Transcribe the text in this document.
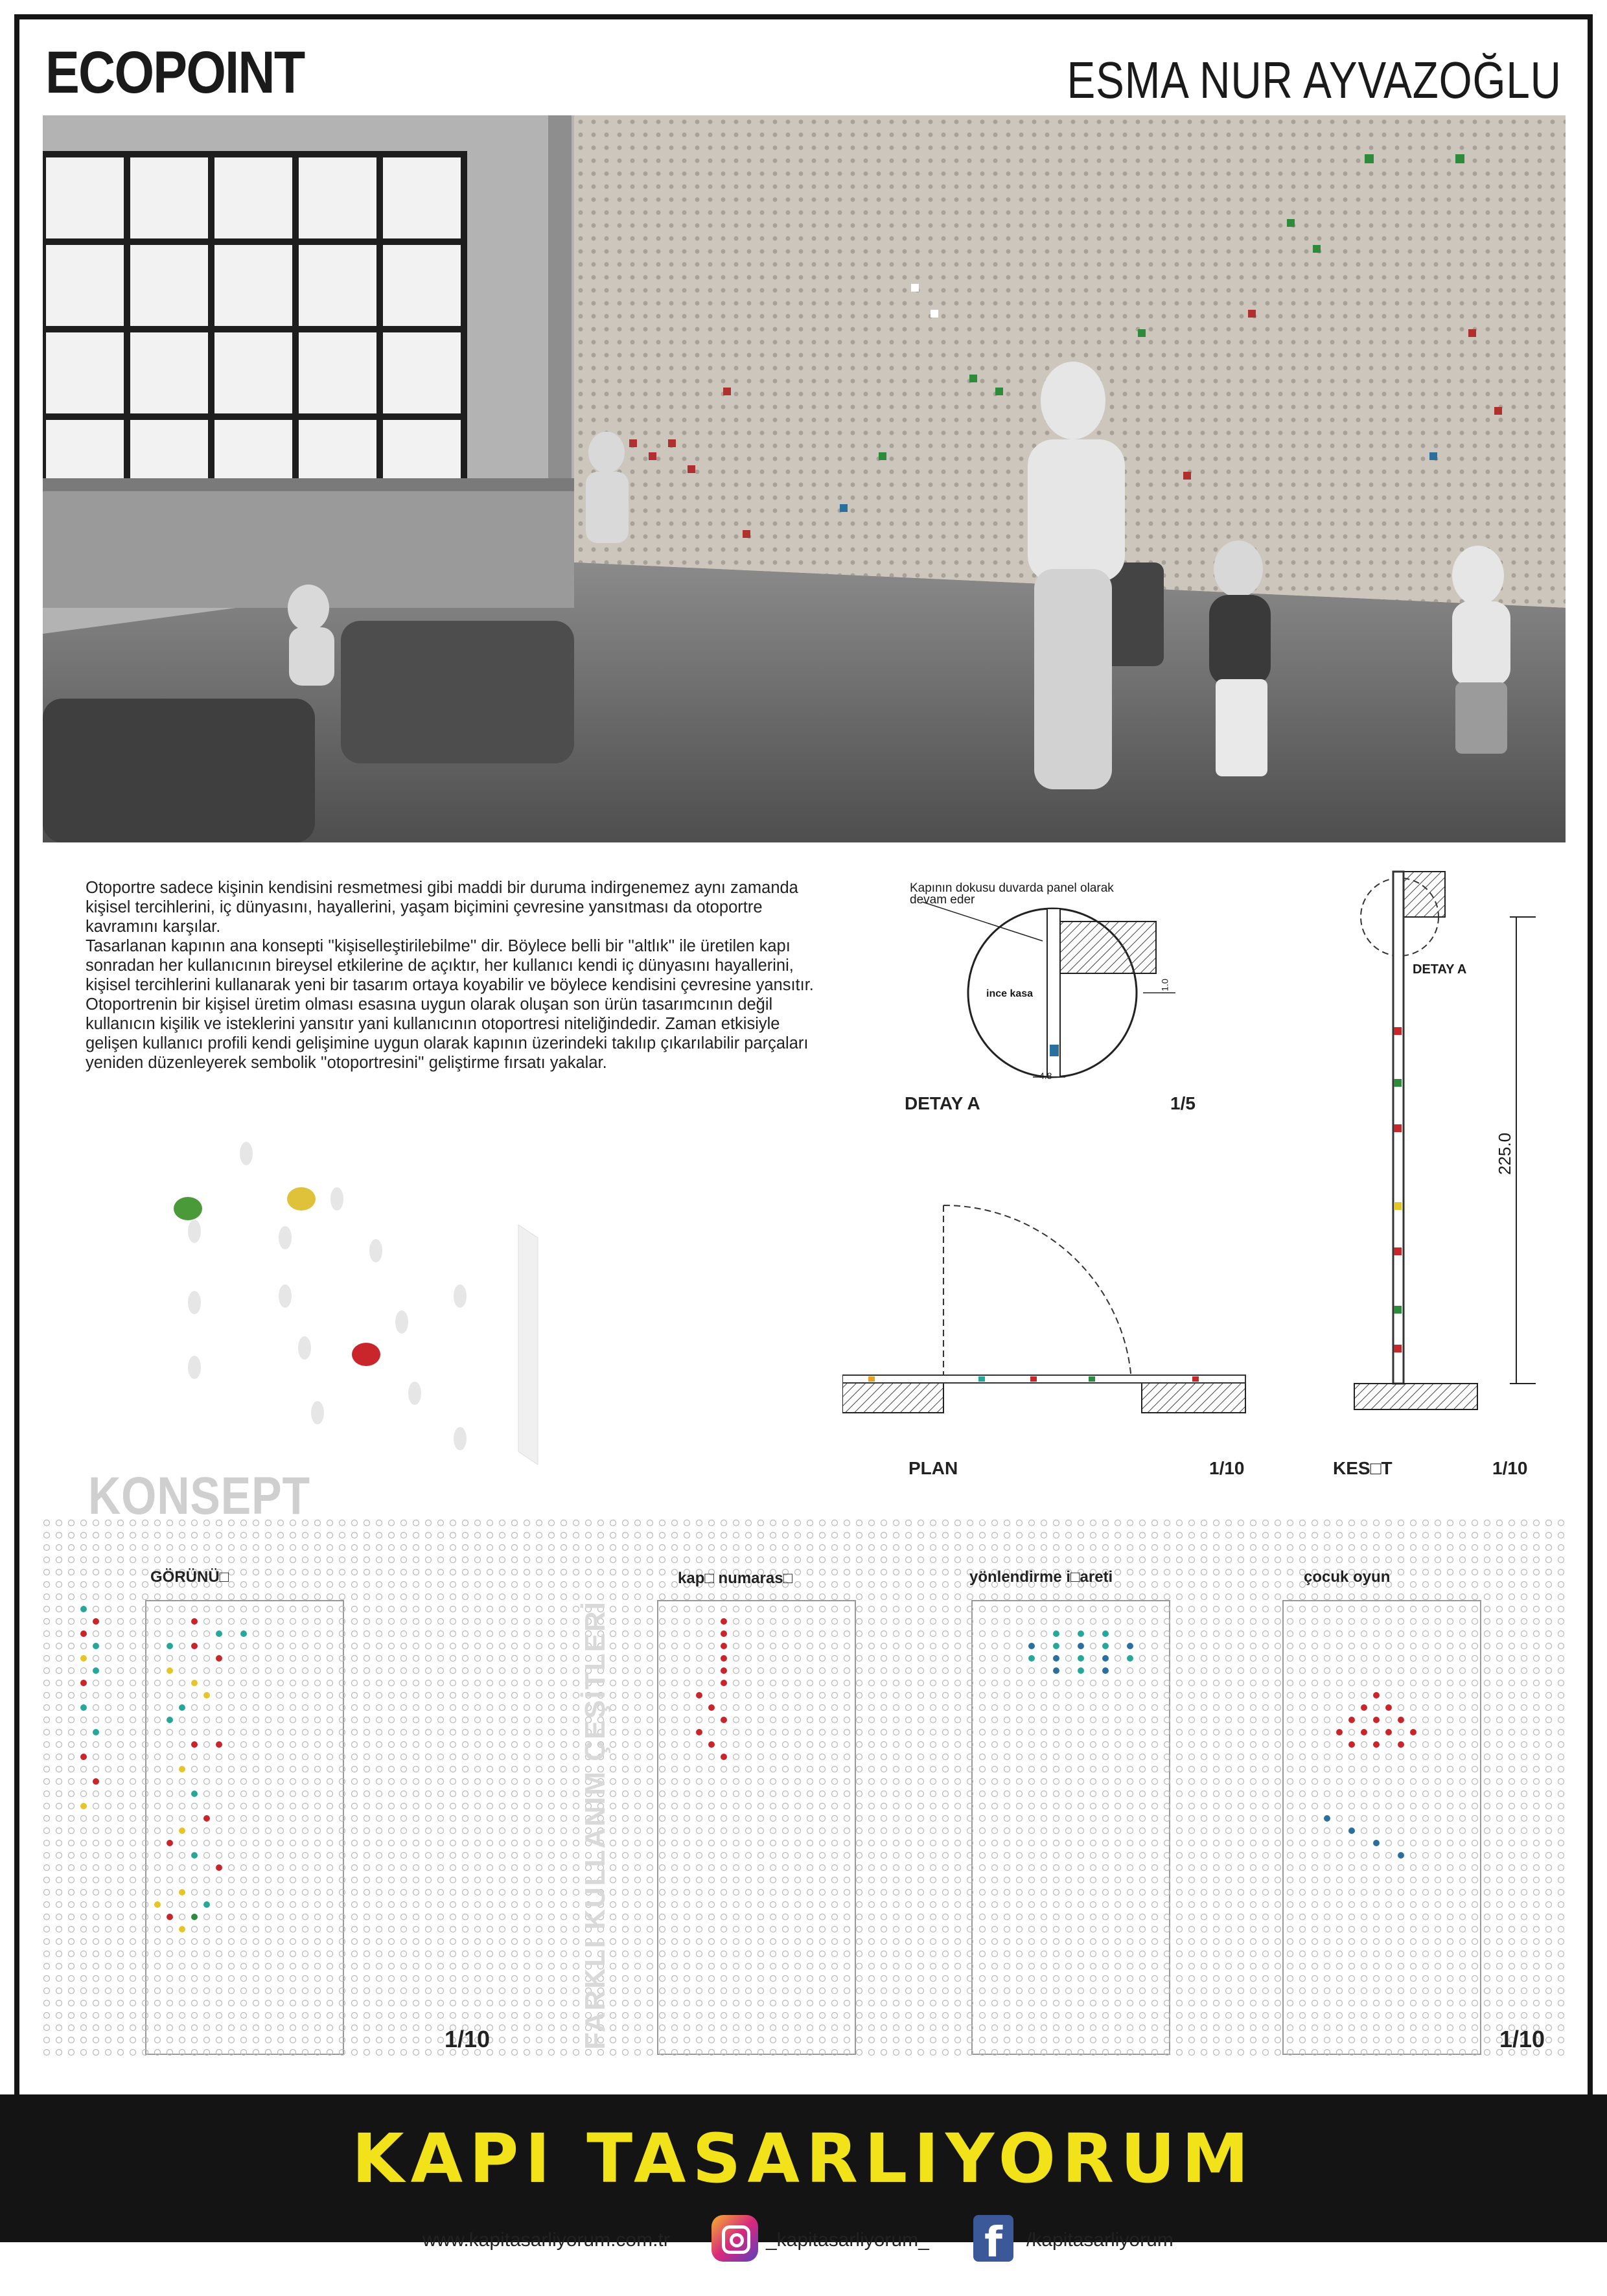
ECOPOINT	ESMA NUR AYVAZOĞLU

Otoportre sadece kişinin kendisini resmetmesi gibi maddi bir duruma indirgenemez aynı zamanda kişisel tercihlerini, iç dünyasını, hayallerini, yaşam biçimini çevresine yansıtması da otoportre kavramını karşılar.

Tasarlanan kapının ana konsepti ''kişiselleştirilebilme'' dir. Böylece belli bir ''altlık'' ile üretilen kapı sonradan her kullanıcının bireysel etkilerine de açıktır, her kullanıcı kendi iç dünyasını hayallerini, kişisel tercihlerini kullanarak yeni bir tasarım ortaya koyabilir ve böylece kendisini çevresine yansıtır. Otoportrenin bir kişisel üretim olması esasına uygun olarak oluşan son ürün tasarımcının değil kullanıcın kişilik ve isteklerini yansıtır yani kullanıcının otoportresi niteliğindedir. Zaman etkisiyle gelişen kullanıcı profili kendi gelişimine uygun olarak kapının üzerindeki takılıp çıkarılabilir parçaları yeniden düzenleyerek sembolik ''otoportresini'' geliştirme fırsatı yakalar.

Kapının dokusu duvarda panel olarak devam eder
ince kasa
1.0
4.8
DETAY A	1/5
DETAY A
225.0
KES□T	1/10
PLAN	1/10
KONSEPT
GÖRÜNÜ□	kap□ numaras□	yönlendirme i□areti	çocuk oyun
FARKLI KULLANIM ÇEŞİTLERİ
1/10	1/10
KAPI TASARLIYORUM
www.kapitasarliyorum.com.tr	_kapitasarliyorum_ f	/kapitasarliyorum
